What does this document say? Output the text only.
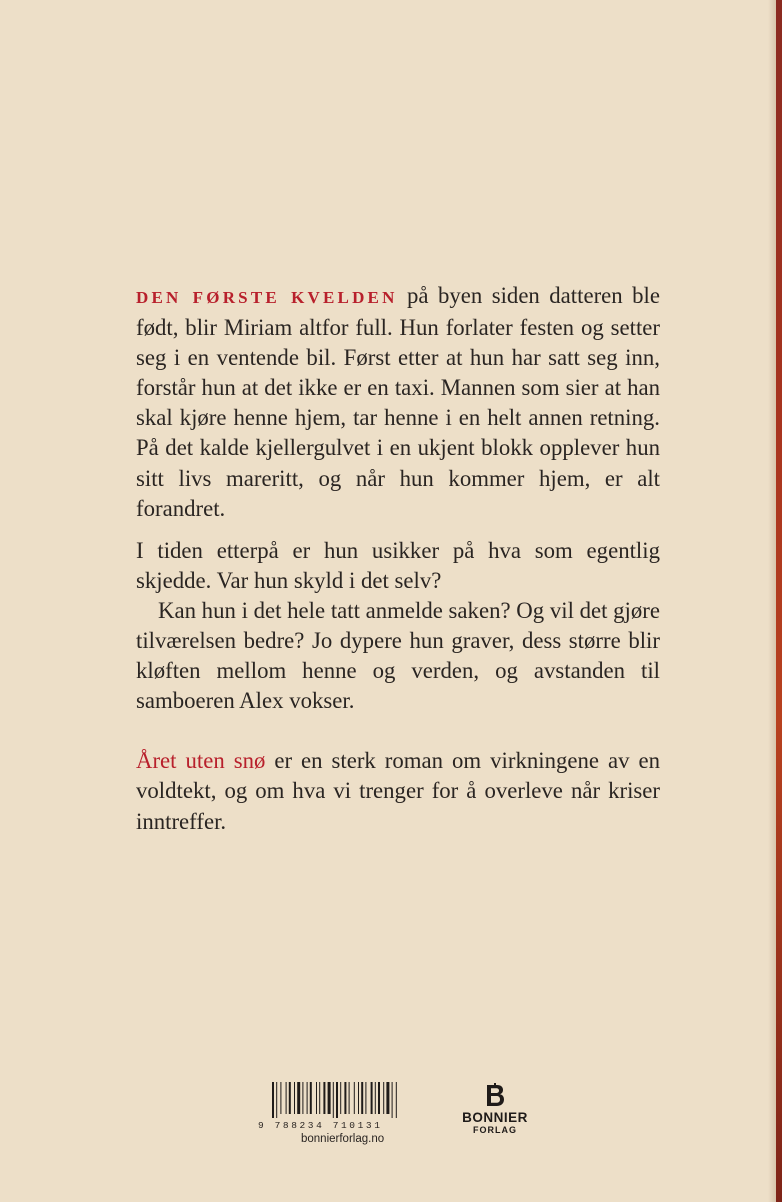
DEN FØRSTE KVELDEN på byen siden datteren ble født, blir Miriam altfor full. Hun forlater festen og setter seg i en ventende bil. Først etter at hun har satt seg inn, forstår hun at det ikke er en taxi. Mannen som sier at han skal kjøre henne hjem, tar henne i en helt annen retning. På det kalde kjellergulvet i en ukjent blokk opplever hun sitt livs mareritt, og når hun kommer hjem, er alt forandret.

I tiden etterpå er hun usikker på hva som egentlig skjedde. Var hun skyld i det selv?

Kan hun i det hele tatt anmelde saken? Og vil det gjøre tilværelsen bedre? Jo dypere hun graver, dess større blir kløften mellom henne og verden, og avstanden til samboeren Alex vokser.

Året uten snø er en sterk roman om virkningene av en voldtekt, og om hva vi trenger for å overleve når kriser inntreffer.

9 788234 710131
bonnierforlag.no
BONNIER
FORLAG
